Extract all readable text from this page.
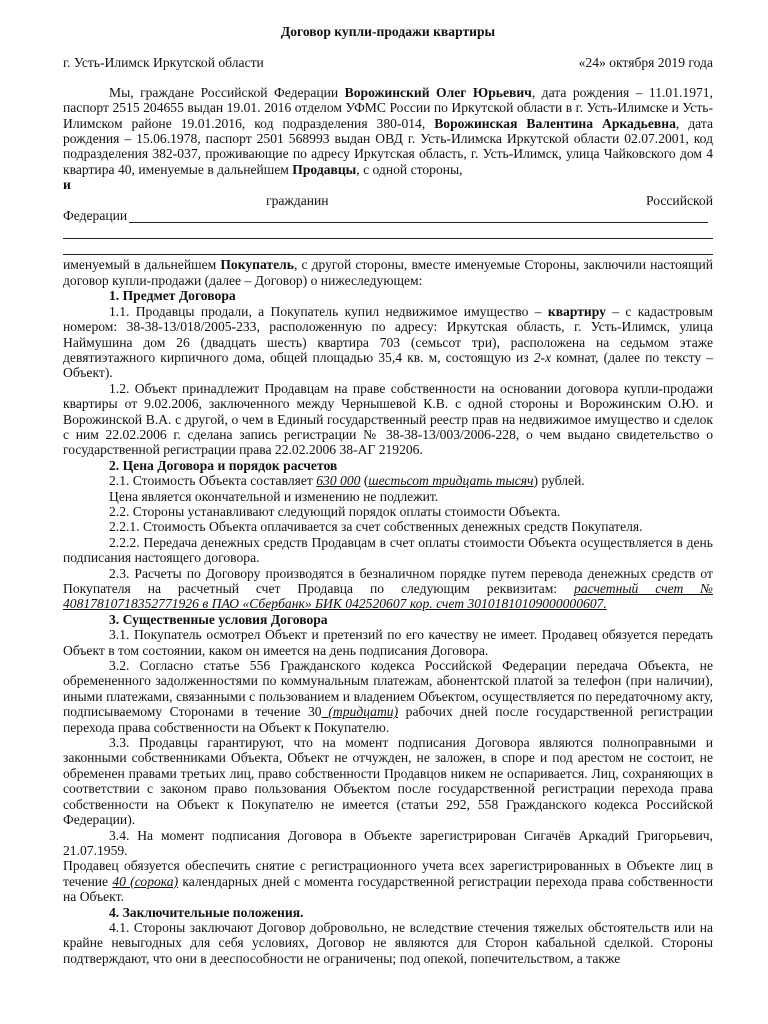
Договор купли-продажи квартиры
г. Усть-Илимск Иркутской области	«24» октября 2019 года

Мы, граждане Российской Федерации Ворожинский Олег Юрьевич, дата рождения – 11.01.1971, паспорт 2515 204655 выдан 19.01. 2016 отделом УФМС России по Иркутской области в г. Усть-Илимске и Усть-Илимском районе 19.01.2016, код подразделения 380-014, Ворожинская Валентина Аркадьевна, дата рождения – 15.06.1978, паспорт 2501 568993 выдан ОВД г. Усть-Илимска Иркутской области 02.07.2001, код подразделения 382-037, проживающие по адресу Иркутская область, г. Усть-Илимск, улица Чайковского дом 4 квартира 40, именуемые в дальнейшем Продавцы, с одной стороны,

и

гражданин	Российской
Федерации

именуемый в дальнейшем Покупатель, с другой стороны, вместе именуемые Стороны, заключили настоящий договор купли-продажи (далее – Договор) о нижеследующем:

1. Предмет Договора

1.1. Продавцы продали, а Покупатель купил недвижимое имущество – квартиру – с кадастровым номером: 38-38-13/018/2005-233, расположенную по адресу: Иркутская область, г. Усть-Илимск, улица Наймушина дом 26 (двадцать шесть) квартира 703 (семьсот три), расположена на седьмом этаже девятиэтажного кирпичного дома, общей площадью 35,4 кв. м, состоящую из 2-х комнат, (далее по тексту – Объект).

1.2. Объект принадлежит Продавцам на праве собственности на основании договора купли-продажи квартиры от 9.02.2006, заключенного между Чернышевой К.В. с одной стороны и Ворожинским О.Ю. и Ворожинской В.А. с другой, о чем в Единый государственный реестр прав на недвижимое имущество и сделок с ним 22.02.2006 г. сделана запись регистрации № 38-38-13/003/2006-228, о чем выдано свидетельство о государственной регистрации права 22.02.2006 38-АГ 219206.

2. Цена Договора и порядок расчетов

2.1. Стоимость Объекта составляет 630 000 (шестьсот тридцать тысяч) рублей.

Цена является окончательной и изменению не подлежит.

2.2. Стороны устанавливают следующий порядок оплаты стоимости Объекта.

2.2.1. Стоимость Объекта оплачивается за счет собственных денежных средств Покупателя.

2.2.2. Передача денежных средств Продавцам в счет оплаты стоимости Объекта осуществляется в день подписания настоящего договора.

2.3. Расчеты по Договору производятся в безналичном порядке путем перевода денежных средств от Покупателя на расчетный счет Продавца по следующим реквизитам: расчетный счет № 40817810718352771926 в ПАО «Сбербанк» БИК 042520607 кор. счет 30101810109000000607.

3. Существенные условия Договора

3.1. Покупатель осмотрел Объект и претензий по его качеству не имеет. Продавец обязуется передать Объект в том состоянии, каком он имеется на день подписания Договора.

3.2. Согласно статье 556 Гражданского кодекса Российской Федерации передача Объекта, не обремененного задолженностями по коммунальным платежам, абонентской платой за телефон (при наличии), иными платежами, связанными с пользованием и владением Объектом, осуществляется по передаточному акту, подписываемому Сторонами в течение 30_(тридцати) рабочих дней после государственной регистрации перехода права собственности на Объект к Покупателю.

3.3. Продавцы гарантируют, что на момент подписания Договора являются полноправными и законными собственниками Объекта, Объект не отчужден, не заложен, в споре и под арестом не состоит, не обременен правами третьих лиц, право собственности Продавцов никем не оспаривается. Лиц, сохраняющих в соответствии с законом право пользования Объектом после государственной регистрации перехода права собственности на Объект к Покупателю не имеется (статьи 292, 558 Гражданского кодекса Российской Федерации).

3.4. На момент подписания Договора в Объекте зарегистрирован Сигачёв Аркадий Григорьевич, 21.07.1959.

Продавец обязуется обеспечить снятие с регистрационного учета всех зарегистрированных в Объекте лиц в течение 40 (сорока) календарных дней с момента государственной регистрации перехода права собственности на Объект.

4. Заключительные положения.

4.1. Стороны заключают Договор добровольно, не вследствие стечения тяжелых обстоятельств или на крайне невыгодных для себя условиях, Договор не являются для Сторон кабальной сделкой. Стороны подтверждают, что они в дееспособности не ограничены; под опекой, попечительством, а также
